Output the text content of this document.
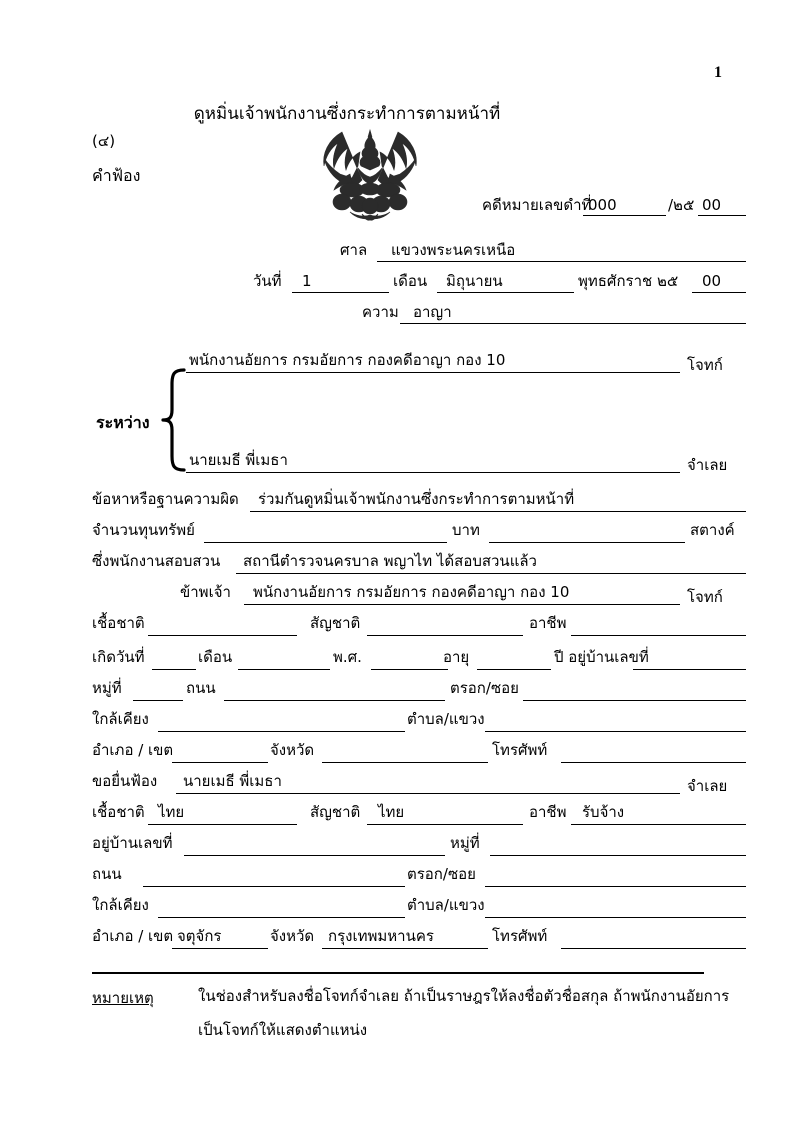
1
ดูหมิ่นเจ้าพนักงานซึ่งกระทำการตามหน้าที่
(๔)
คำฟ้อง
คดีหมายเลขดำที่
000	/๒๕ 00
ศาล แขวงพระนครเหนือ
วันที่ 1	เดือน มิถุนายน	พุทธศักราช ๒๕ 00
ความ อาญา
ระหว่าง
พนักงานอัยการ กรมอัยการ กองคดีอาญา กอง 10	โจทก์
นายเมธี พี่เมธา	จำเลย
ข้อหาหรือฐานความผิด ร่วมกันดูหมิ่นเจ้าพนักงานซึ่งกระทำการตามหน้าที่
จำนวนทุนทรัพย์	บาท	สตางค์
ซึ่งพนักงานสอบสวน สถานีตำรวจนครบาล พญาไท ได้สอบสวนแล้ว
ข้าพเจ้า พนักงานอัยการ กรมอัยการ กองคดีอาญา กอง 10	โจทก์
เชื้อชาติ	สัญชาติ	อาชีพ
เกิดวันที่	เดือน	พ.ศ.	อายุ	ปี อยู่บ้านเลขที่
หมู่ที่	ถนน	ตรอก/ซอย
ใกล้เคียง	ตำบล/แขวง
อำเภอ / เขต	จังหวัด	โทรศัพท์
ขอยื่นฟ้อง นายเมธี พี่เมธา	จำเลย
เชื้อชาติ ไทย	สัญชาติ ไทย	อาชีพ รับจ้าง
อยู่บ้านเลขที่	หมู่ที่
ถนน	ตรอก/ซอย
ใกล้เคียง	ตำบล/แขวง
อำเภอ / เขต จตุจักร	จังหวัด กรุงเทพมหานคร	โทรศัพท์
หมายเหตุ	ในช่องสำหรับลงชื่อโจทก์จำเลย ถ้าเป็นราษฎรให้ลงชื่อตัวชื่อสกุล ถ้าพนักงานอัยการ
เป็นโจทก์ให้แสดงตำแหน่ง
